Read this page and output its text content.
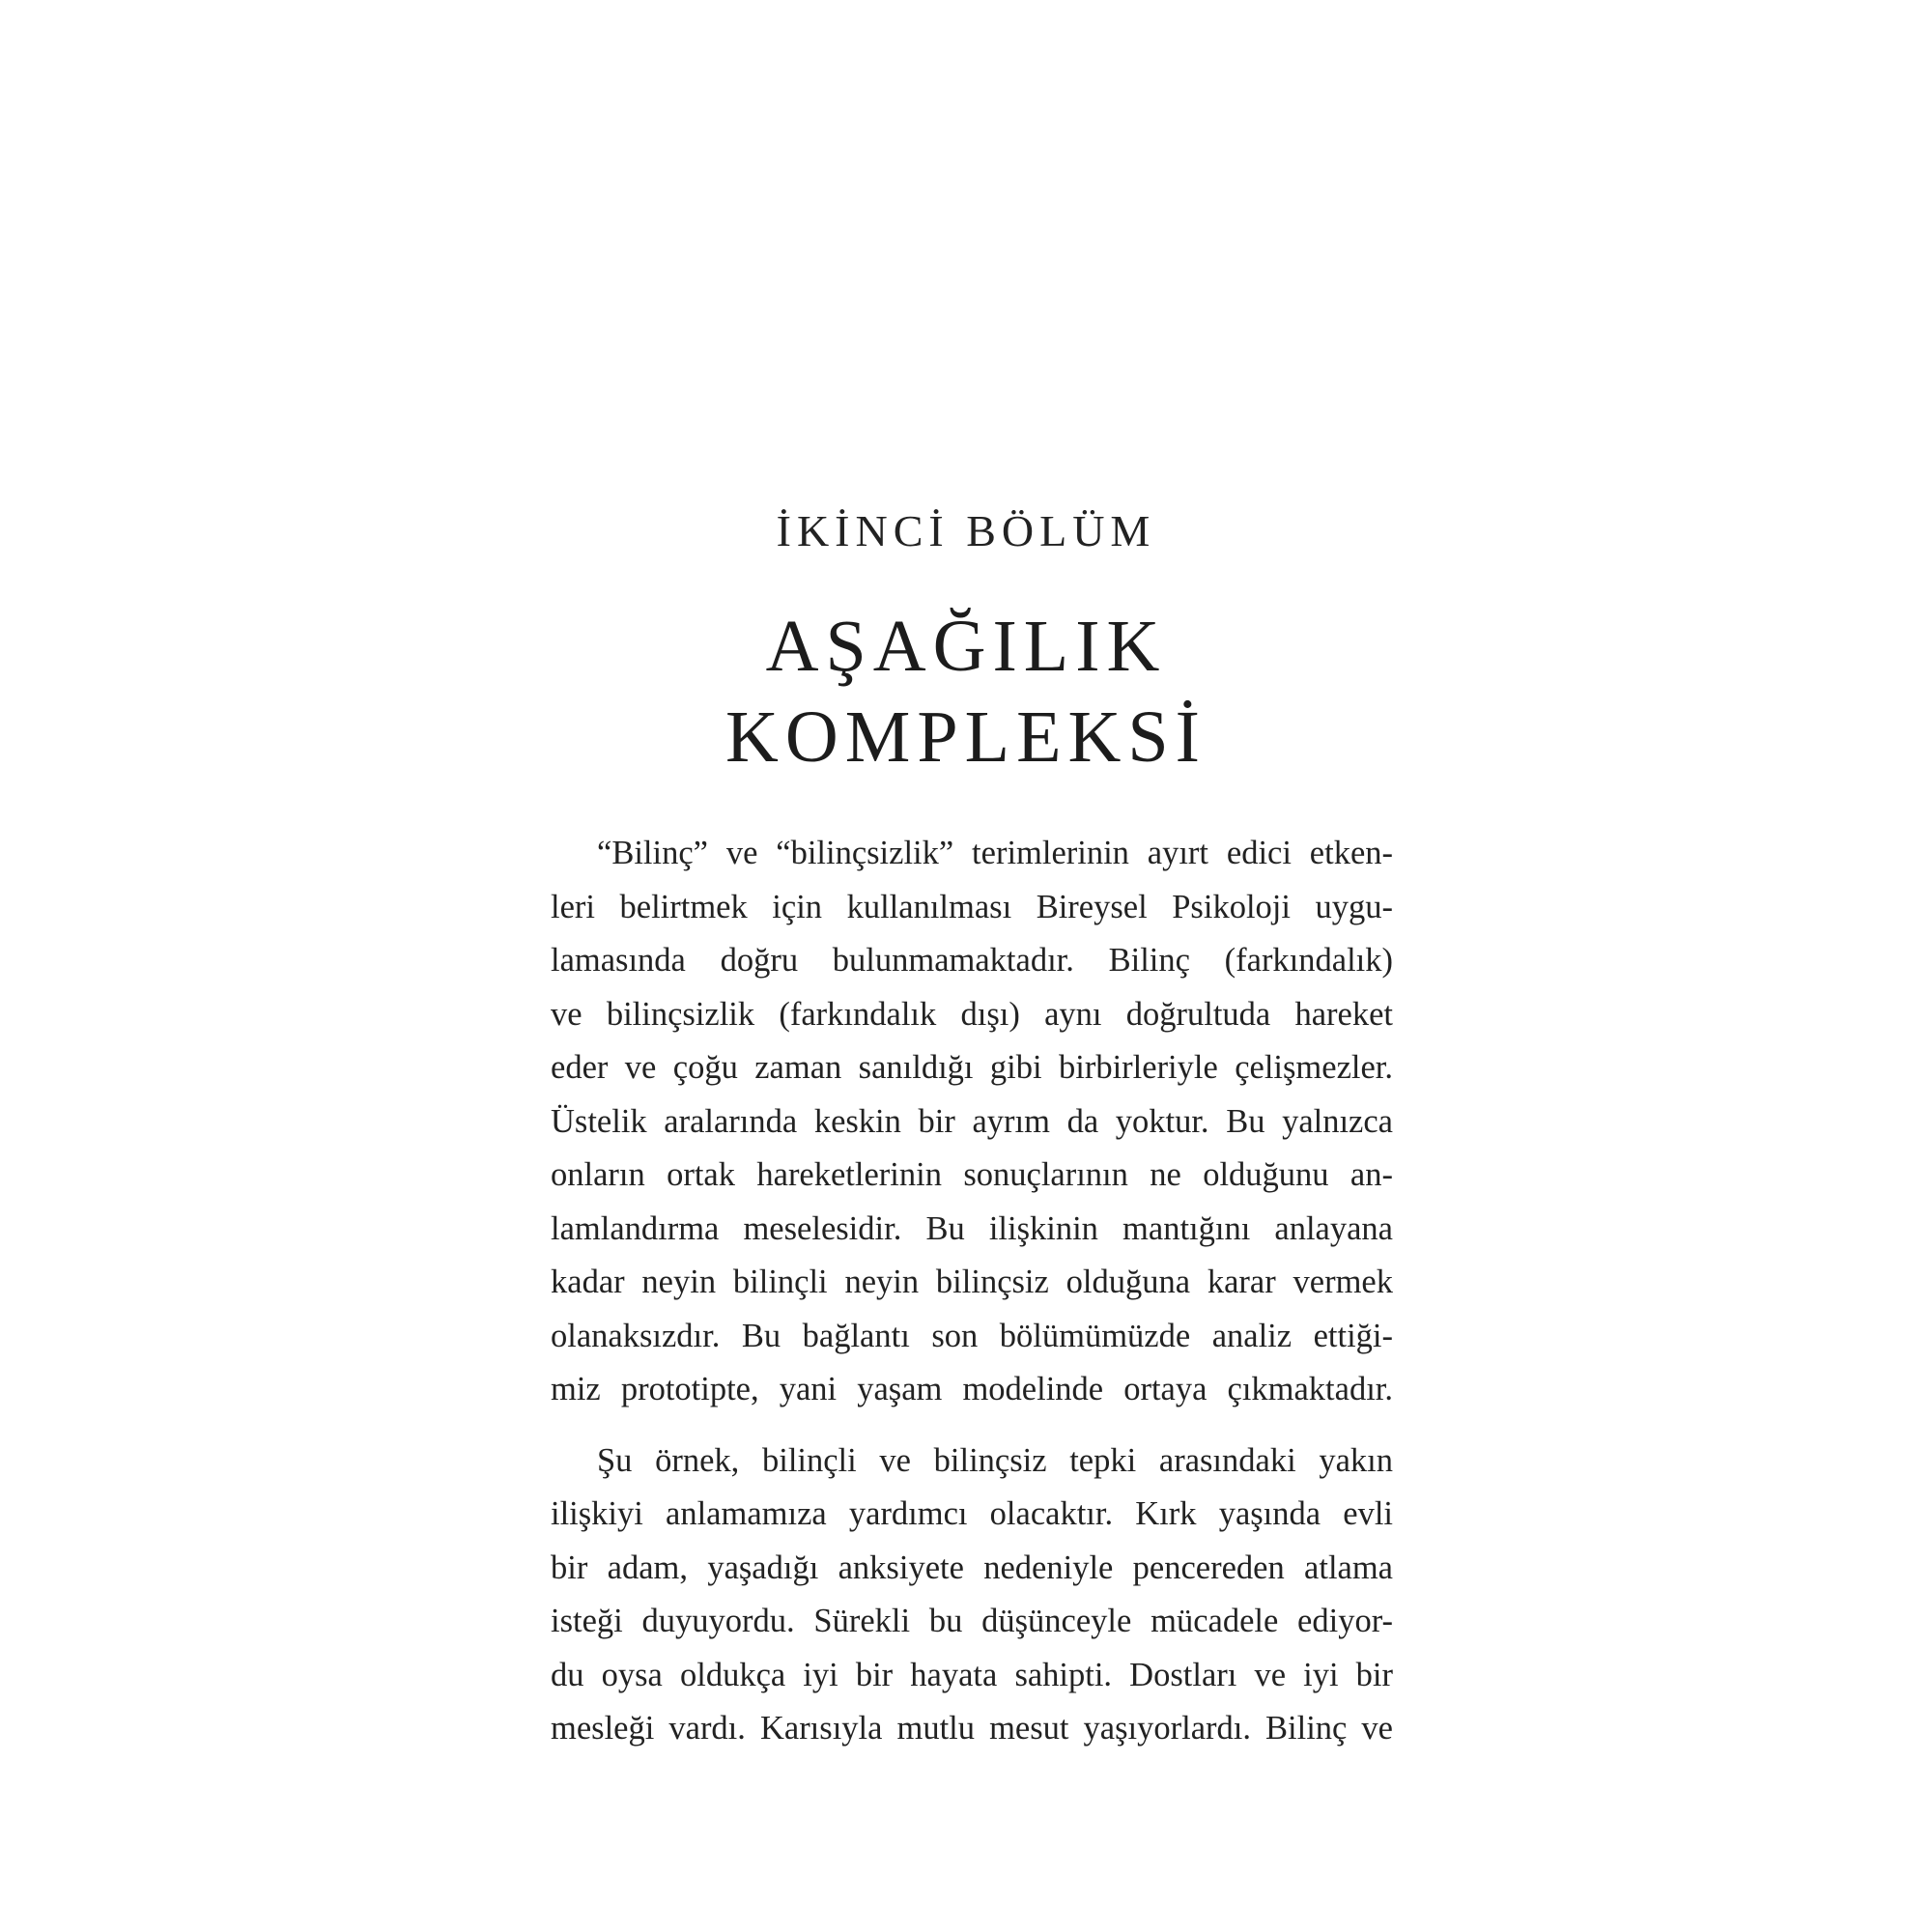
İKİNCİ BÖLÜM
AŞAĞILIK
KOMPLEKSİ

“Bilinç” ve “bilinçsizlik” terimlerinin ayırt edici etken-
leri belirtmek için kullanılması Bireysel Psikoloji uygu-
lamasında doğru bulunmamaktadır. Bilinç (farkındalık)
ve bilinçsizlik (farkındalık dışı) aynı doğrultuda hareket
eder ve çoğu zaman sanıldığı gibi birbirleriyle çelişmezler.
Üstelik aralarında keskin bir ayrım da yoktur. Bu yalnızca
onların ortak hareketlerinin sonuçlarının ne olduğunu an-
lamlandırma meselesidir. Bu ilişkinin mantığını anlayana
kadar neyin bilinçli neyin bilinçsiz olduğuna karar vermek
olanaksızdır. Bu bağlantı son bölümümüzde analiz ettiği-
miz prototipte, yani yaşam modelinde ortaya çıkmaktadır.

Şu örnek, bilinçli ve bilinçsiz tepki arasındaki yakın
ilişkiyi anlamamıza yardımcı olacaktır. Kırk yaşında evli
bir adam, yaşadığı anksiyete nedeniyle pencereden atlama
isteği duyuyordu. Sürekli bu düşünceyle mücadele ediyor-
du oysa oldukça iyi bir hayata sahipti. Dostları ve iyi bir
mesleği vardı. Karısıyla mutlu mesut yaşıyorlardı. Bilinç ve
